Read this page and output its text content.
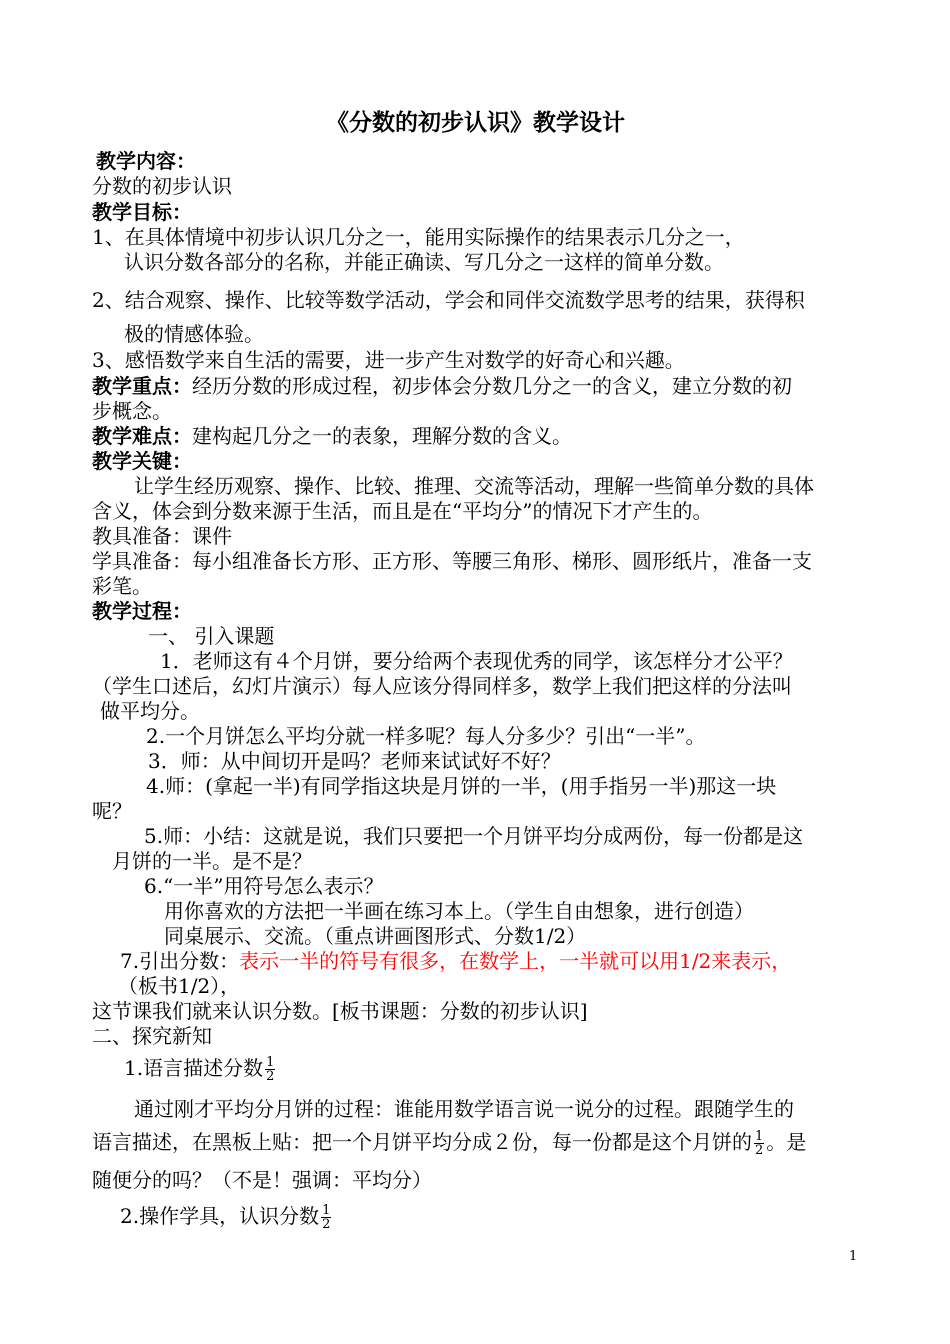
《分数的初步认识》教学设计
教学内容：
分数的初步认识
教学目标：
1、在具体情境中初步认识几分之一，能用实际操作的结果表示几分之一，
认识分数各部分的名称，并能正确读、写几分之一这样的简单分数。
2、结合观察、操作、比较等数学活动，学会和同伴交流数学思考的结果，获得积
极的情感体验。
3、感悟数学来自生活的需要，进一步产生对数学的好奇心和兴趣。
教学重点：经历分数的形成过程，初步体会分数几分之一的含义，建立分数的初
步概念。
教学难点：建构起几分之一的表象，理解分数的含义。
教学关键：
让学生经历观察、操作、比较、推理、交流等活动，理解一些简单分数的具体
含义，体会到分数来源于生活，而且是在“平均分”的情况下才产生的。
教具准备：课件
学具准备：每小组准备长方形、正方形、等腰三角形、梯形、圆形纸片，准备一支
彩笔。
教学过程：
一、 引入课题
1．老师这有４个月饼，要分给两个表现优秀的同学，该怎样分才公平？
（学生口述后，幻灯片演示）每人应该分得同样多，数学上我们把这样的分法叫
做平均分。
2.一个月饼怎么平均分就一样多呢？每人分多少？引出“一半”。
3．师：从中间切开是吗？老师来试试好不好？
4.师：(拿起一半)有同学指这块是月饼的一半，(用手指另一半)那这一块
呢？
5.师：小结：这就是说，我们只要把一个月饼平均分成两份，每一份都是这
月饼的一半。是不是？
6.“一半”用符号怎么表示？
用你喜欢的方法把一半画在练习本上。（学生自由想象，进行创造）
同桌展示、交流。（重点讲画图形式、分数1/2）
7.引出分数：表示一半的符号有很多，在数学上，一半就可以用1/2来表示，
（板书1/2），
这节课我们就来认识分数。[板书课题：分数的初步认识]
二、探究新知
1.语言描述分数 $\frac{1}{2}$
通过刚才平均分月饼的过程：谁能用数学语言说一说分的过程。跟随学生的
语言描述，在黑板上贴：把一个月饼平均分成２份，每一份都是这个月饼的 $\frac{1}{2}$ 。是
随便分的吗？（不是！强调：平均分）
2.操作学具，认识分数 $\frac{1}{2}$
1
